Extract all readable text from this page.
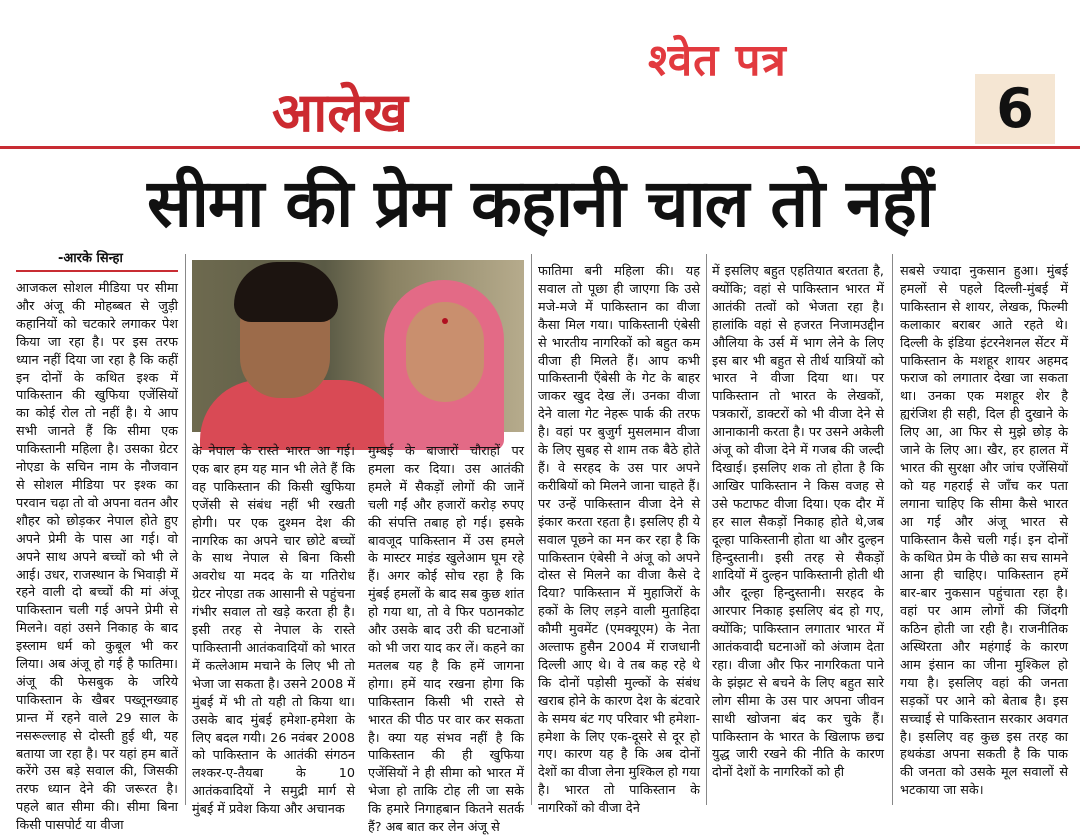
श्वेत पत्र
आलेख	6
सीमा की प्रेम कहानी चाल तो नहीं
-आरके सिन्हा
आजकल सोशल मीडिया पर सीमा और अंजू की मोहब्बत से जुड़ी कहानियों को चटकारे लगाकर पेश किया जा रहा है। पर इस तरफ ध्यान नहीं दिया जा रहा है कि कहीं इन दोनों के कथित इश्क में पाकिस्तान की खुफिया एजेंसियों का कोई रोल तो नहीं है। ये आप सभी जानते हैं कि सीमा एक पाकिस्तानी महिला है। उसका ग्रेटर नोएडा के सचिन नाम के नौजवान से सोशल मीडिया पर इश्क का परवान चढ़ा तो वो अपना वतन और शौहर को छोड़कर नेपाल होते हुए अपने प्रेमी के पास आ गई। वो अपने साथ अपने बच्चों को भी ले आई। उधर, राजस्थान के भिवाड़ी में रहने वाली दो बच्चों की मां अंजू पाकिस्तान चली गई अपने प्रेमी से मिलने। वहां उसने निकाह के बाद इस्लाम धर्म को कुबूल भी कर लिया। अब अंजू हो गई है फातिमा। अंजू की फेसबुक के जरिये पाकिस्तान के खैबर पख्तूनख्वाह प्रान्त में रहने वाले 29 साल के नसरूल्लाह से दोस्ती हुई थी, यह बताया जा रहा है। पर यहां हम बातें करेंगे उस बड़े सवाल की, जिसकी तरफ ध्यान देने की जरूरत है। पहले बात सीमा की। सीमा बिना किसी पासपोर्ट या वीजा
के नेपाल के रास्ते भारत आ गई। एक बार हम यह मान भी लेते हैं कि वह पाकिस्तान की किसी खुफिया एजेंसी से संबंध नहीं भी रखती होगी। पर एक दुश्मन देश की नागरिक का अपने चार छोटे बच्चों के साथ नेपाल से बिना किसी अवरोध या मदद के या गतिरोध ग्रेटर नोएडा तक आसानी से पहुंचना गंभीर सवाल तो खड़े करता ही है। इसी तरह से नेपाल के रास्ते पाकिस्तानी आतंकवादियों को भारत में कत्लेआम मचाने के लिए भी तो भेजा जा सकता है। उसने 2008 में मुंबई में भी तो यही तो किया था। उसके बाद मुंबई हमेशा-हमेशा के लिए बदल गयी। 26 नवंबर 2008 को पाकिस्तान के आतंकी संगठन लश्कर-ए-तैयबा के 10 आतंकवादियों ने समुद्री मार्ग से मुंबई में प्रवेश किया और अचानक
मुम्बई के बाजारों चौराहों पर हमला कर दिया। उस आतंकी हमले में सैकड़ों लोगों की जानें चली गईं और हजारों करोड़ रुपए की संपत्ति तबाह हो गई। इसके बावजूद पाकिस्तान में उस हमले के मास्टर माइंड खुलेआम घूम रहे हैं। अगर कोई सोच रहा है कि मुंबई हमलों के बाद सब कुछ शांत हो गया था, तो वे फिर पठानकोट और उसके बाद उरी की घटनाओं को भी जरा याद कर लें। कहने का मतलब यह है कि हमें जागना होगा। हमें याद रखना होगा कि पाकिस्तान किसी भी रास्ते से भारत की पीठ पर वार कर सकता है। क्या यह संभव नहीं है कि पाकिस्तान की ही खुफिया एजेंसियों ने ही सीमा को भारत में भेजा हो ताकि टोह ली जा सके कि हमारे निगाहबान कितने सतर्क हैं? अब बात कर लेन अंजू से
फातिमा बनी महिला की। यह सवाल तो पूछा ही जाएगा कि उसे मजे-मजे में पाकिस्तान का वीजा कैसा मिल गया। पाकिस्तानी एंबेसी से भारतीय नागरिकों को बहुत कम वीजा ही मिलते हैं। आप कभी पाकिस्तानी एँबेसी के गेट के बाहर जाकर खुद देख लें। उनका वीजा देने वाला गेट नेहरू पार्क की तरफ है। वहां पर बुजुर्ग मुसलमान वीजा के लिए सुबह से शाम तक बैठे होते हैं। वे सरहद के उस पार अपने करीबियों को मिलने जाना चाहते हैं। पर उन्हें पाकिस्तान वीजा देने से इंकार करता रहता है। इसलिए ही ये सवाल पूछने का मन कर रहा है कि पाकिस्तान एंबेसी ने अंजू को अपने दोस्त से मिलने का वीजा कैसे दे दिया? पाकिस्तान में मुहाजिरों के हकों के लिए लड़ने वाली मुताहिदा कौमी मुवमेंट (एमक्यूएम) के नेता अल्ताफ हुसैन 2004 में राजधानी दिल्ली आए थे। वे तब कह रहे थे कि दोनों पड़ोसी मुल्कों के संबंध खराब होने के कारण देश के बंटवारे के समय बंट गए परिवार भी हमेशा-हमेशा के लिए एक-दूसरे से दूर हो गए। कारण यह है कि अब दोनों देशों का वीजा लेना मुश्किल हो गया है। भारत तो पाकिस्तान के नागरिकों को वीजा देने
में इसलिए बहुत एहतियात बरतता है, क्योंकि; वहां से पाकिस्तान भारत में आतंकी तत्वों को भेजता रहा है। हालांकि वहां से हजरत निजामउद्दीन औलिया के उर्स में भाग लेने के लिए इस बार भी बहुत से तीर्थ यात्रियों को भारत ने वीजा दिया था। पर पाकिस्तान तो भारत के लेखकों, पत्रकारों, डाक्टरों को भी वीजा देने से आनाकानी करता है। पर उसने अकेली अंजू को वीजा देने में गजब की जल्दी दिखाई। इसलिए शक तो होता है कि आखिर पाकिस्तान ने किस वजह से उसे फटाफट वीजा दिया। एक दौर में हर साल सैकड़ों निकाह होते थे,जब दूल्हा पाकिस्तानी होता था और दुल्हन हिन्दुस्तानी। इसी तरह से सैकड़ों शादियों में दुल्हन पाकिस्तानी होती थी और दूल्हा हिन्दुस्तानी। सरहद के आरपार निकाह इसलिए बंद हो गए, क्योंकि; पाकिस्तान लगातार भारत में आतंकवादी घटनाओं को अंजाम देता रहा। वीजा और फिर नागरिकता पाने के झंझट से बचने के लिए बहुत सारे लोग सीमा के उस पार अपना जीवन साथी खोजना बंद कर चुके हैं। पाकिस्तान के भारत के खिलाफ छद्म युद्ध जारी रखने की नीति के कारण दोनों देशों के नागरिकों को ही
सबसे ज्यादा नुकसान हुआ। मुंबई हमलों से पहले दिल्ली-मुंबई में पाकिस्तान से शायर, लेखक, फिल्मी कलाकार बराबर आते रहते थे। दिल्ली के इंडिया इंटरनेशनल सेंटर में पाकिस्तान के मशहूर शायर अहमद फराज को लगातार देखा जा सकता था। उनका एक मशहूर शेर है ह्यरंजिश ही सही, दिल ही दुखाने के लिए आ, आ फिर से मुझे छोड़ के जाने के लिए आ। खैर, हर हालत में भारत की सुरक्षा और जांच एजेंसियों को यह गहराई से जाँच कर पता लगाना चाहिए कि सीमा कैसे भारत आ गई और अंजू भारत से पाकिस्तान कैसे चली गई। इन दोनों के कथित प्रेम के पीछे का सच सामने आना ही चाहिए। पाकिस्तान हमें बार-बार नुकसान पहुंचाता रहा है। वहां पर आम लोगों की जिंदगी कठिन होती जा रही है। राजनीतिक अस्थिरता और महंगाई के कारण आम इंसान का जीना मुश्किल हो गया है। इसलिए वहां की जनता सड़कों पर आने को बेताब है। इस सच्चाई से पाकिस्तान सरकार अवगत है। इसलिए वह कुछ इस तरह का हथकंडा अपना सकती है कि पाक की जनता को उसके मूल सवालों से भटकाया जा सके।
